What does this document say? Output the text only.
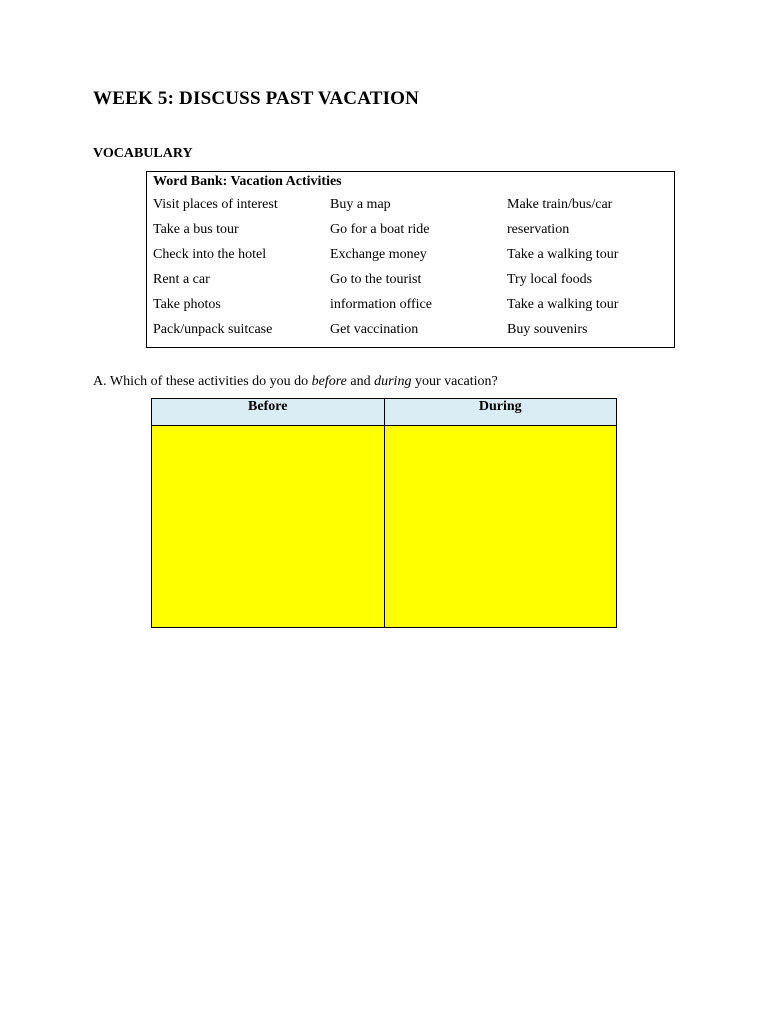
WEEK 5: DISCUSS PAST VACATION
VOCABULARY
Word Bank: Vacation Activities
Visit places of interest	Buy a map	Make train/bus/car
Take a bus tour	Go for a boat ride	reservation
Check into the hotel	Exchange money	Take a walking tour
Rent a car	Go to the tourist	Try local foods
Take photos	information office	Take a walking tour
Pack/unpack suitcase	Get vaccination	Buy souvenirs

A. Which of these activities do you do before and during your vacation?

Before	During
